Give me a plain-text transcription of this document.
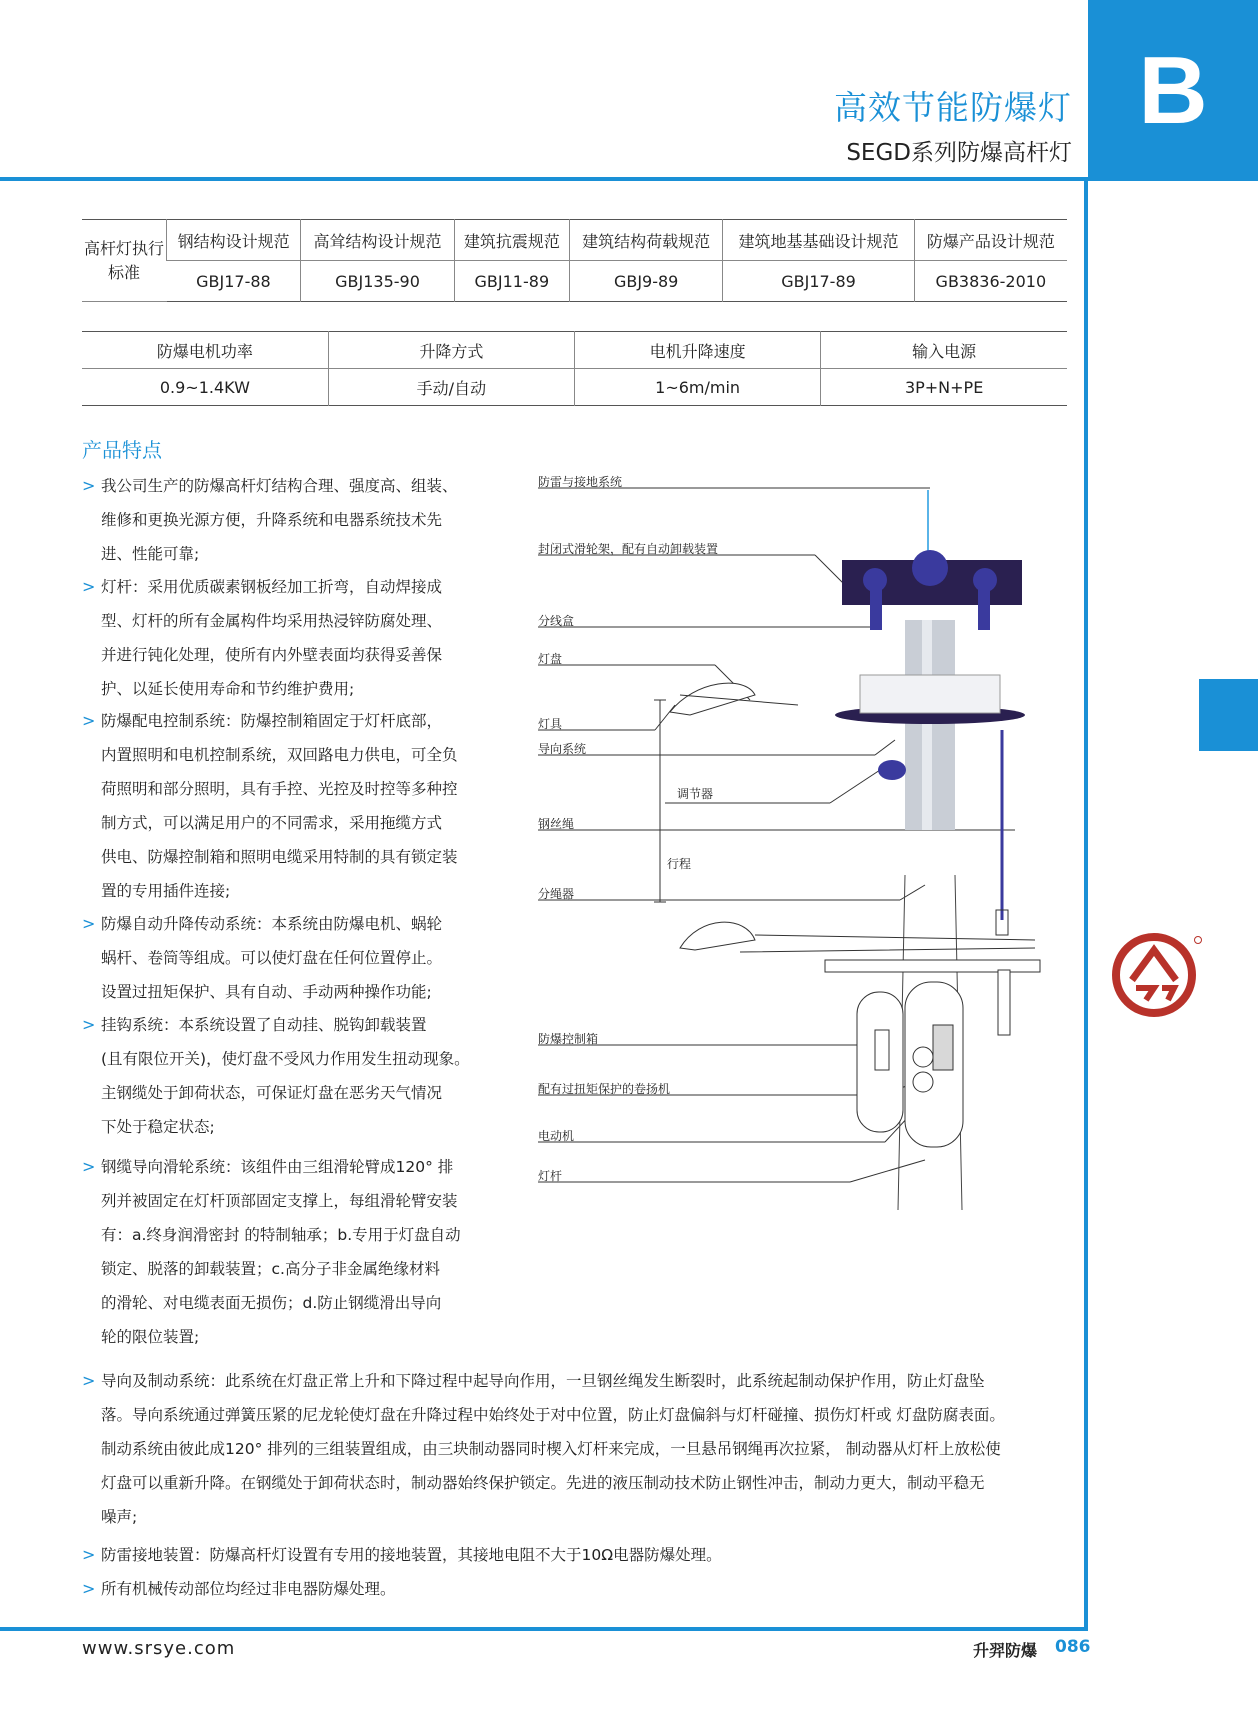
B
高效节能防爆灯
SEGD系列防爆高杆灯
高杆灯执行标准	钢结构设计规范	高耸结构设计规范	建筑抗震规范	建筑结构荷载规范	建筑地基基础设计规范	防爆产品设计规范
	GBJ17-88	GBJ135-90	GBJ11-89	GBJ9-89	GBJ17-89	GB3836-2010
防爆电机功率	升降方式	电机升降速度	输入电源
0.9~1.4KW	手动/自动	1~6m/min	3P+N+PE
产品特点
> 我公司生产的防爆高杆灯结构合理、强度高、组装、
维修和更换光源方便，升降系统和电器系统技术先
进、性能可靠;
> 灯杆：采用优质碳素钢板经加工折弯，自动焊接成
型、灯杆的所有金属构件均采用热浸锌防腐处理、
并进行钝化处理，使所有内外壁表面均获得妥善保
护、以延长使用寿命和节约维护费用;
> 防爆配电控制系统：防爆控制箱固定于灯杆底部，
内置照明和电机控制系统，双回路电力供电，可全负
荷照明和部分照明，具有手控、光控及时控等多种控
制方式，可以满足用户的不同需求，采用拖缆方式
供电、防爆控制箱和照明电缆采用特制的具有锁定装
置的专用插件连接;
> 防爆自动升降传动系统：本系统由防爆电机、蜗轮
蜗杆、卷筒等组成。可以使灯盘在任何位置停止。
设置过扭矩保护、具有自动、手动两种操作功能;
> 挂钩系统：本系统设置了自动挂、脱钩卸载装置
(且有限位开关)，使灯盘不受风力作用发生扭动现象。
主钢缆处于卸荷状态，可保证灯盘在恶劣天气情况
下处于稳定状态;
> 钢缆导向滑轮系统：该组件由三组滑轮臂成120° 排
列并被固定在灯杆顶部固定支撑上，每组滑轮臂安装
有：a.终身润滑密封 的特制轴承；b.专用于灯盘自动
锁定、脱落的卸载装置；c.高分子非金属绝缘材料
的滑轮、对电缆表面无损伤；d.防止钢缆滑出导向
轮的限位装置;
> 导向及制动系统：此系统在灯盘正常上升和下降过程中起导向作用，一旦钢丝绳发生断裂时，此系统起制动保护作用，防止灯盘坠
落。导向系统通过弹簧压紧的尼龙轮使灯盘在升降过程中始终处于对中位置，防止灯盘偏斜与灯杆碰撞、损伤灯杆或 灯盘防腐表面。
制动系统由彼此成120° 排列的三组装置组成，由三块制动器同时楔入灯杆来完成，一旦悬吊钢绳再次拉紧， 制动器从灯杆上放松使
灯盘可以重新升降。在钢缆处于卸荷状态时，制动器始终保护锁定。先进的液压制动技术防止钢性冲击，制动力更大，制动平稳无
噪声;
> 防雷接地装置：防爆高杆灯设置有专用的接地装置，其接地电阻不大于10Ω电器防爆处理。
> 所有机械传动部位均经过非电器防爆处理。
防雷与接地系统
封闭式滑轮架，配有自动卸载装置
分线盒
灯盘
灯具
导向系统
调节器
钢丝绳
行程
分绳器
防爆控制箱
配有过扭矩保护的卷扬机
电动机
灯杆
www.srsye.com	升羿防爆 086
